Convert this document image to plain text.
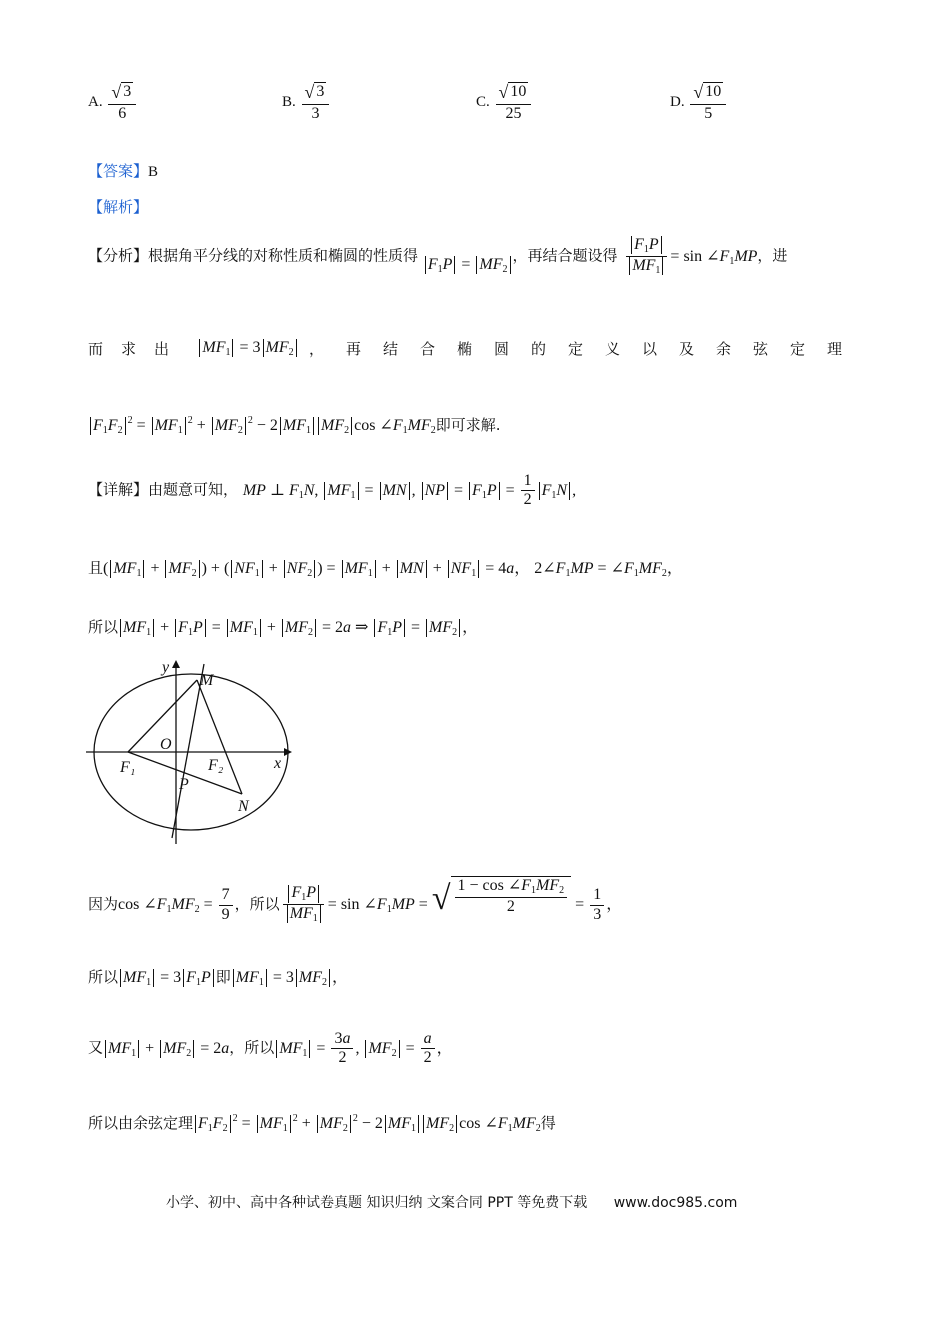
A. $\frac{√ 3}{6}$	B. $\frac{√ 3}{3}$	C. $\frac{√ 10}{25}$	D. $\frac{√ 10}{5}$
【答案】B
【解析】
【分析】根据角平分线的对称性质和椭圆的性质得 $F_1P = MF_2$，再结合题设得 $\frac{F_1P}{MF_1} = \sin$ $\angle F_1MP$，进
而求出 $MF_1 = 3$ $MF_2$	，再结合椭圆的定义以及余弦定理
$F_1F_2^2 = MF_1^2 + MF_2^2 - 2$ $MF_1$ $MF_2$ $\cos \angle F_1MF_2$即可求解.
【详解】由题意可知， MP ⊥ $F_1N$, $MF_1$ = MN , NP = $F_1P = \frac{1}{2} F_1N$ ,
且( $MF_1 + MF_2$ ) + ( $NF_1 + NF_2$ ) = $MF_1$ + MN + $NF_1 = 4a$， $2\angle F_1MP$ = $\angle F_1MF_2$，
所以 $MF_1 + F_1P = MF_1 + MF_2 = 2a$ ⇒ $F_1P = MF_2$ ，
y
x
O
M
F₁	F₂
P
N
因为$\cos \angle F_1MF_2 = \frac{7}{9}$ ，所以 $\frac{F_1P}{MF_1} = \sin$ $\angle F_1MP$ = √ $\frac{1 - \cos \angle F_1MF_2}{2} = \frac{1}{3}$ ，
所以 $MF_1 = 3$ $F_1P$ 即 $MF_1 = 3$ $MF_2$ ，
又 $MF_1 + MF_2 = 2a$，所以 $MF_1 = \frac{3a}{2}$ , $MF_2 = \frac{a}{2}$ ，
所以由余弦定理 $F_1F_2^2 = MF_1^2 + MF_2^2 - 2$ $MF_1$ $MF_2$ $\cos \angle F_1MF_2$得
小学、初中、高中各种试卷真题 知识归纳 文案合同 PPT 等免费下载 www.doc985.com
